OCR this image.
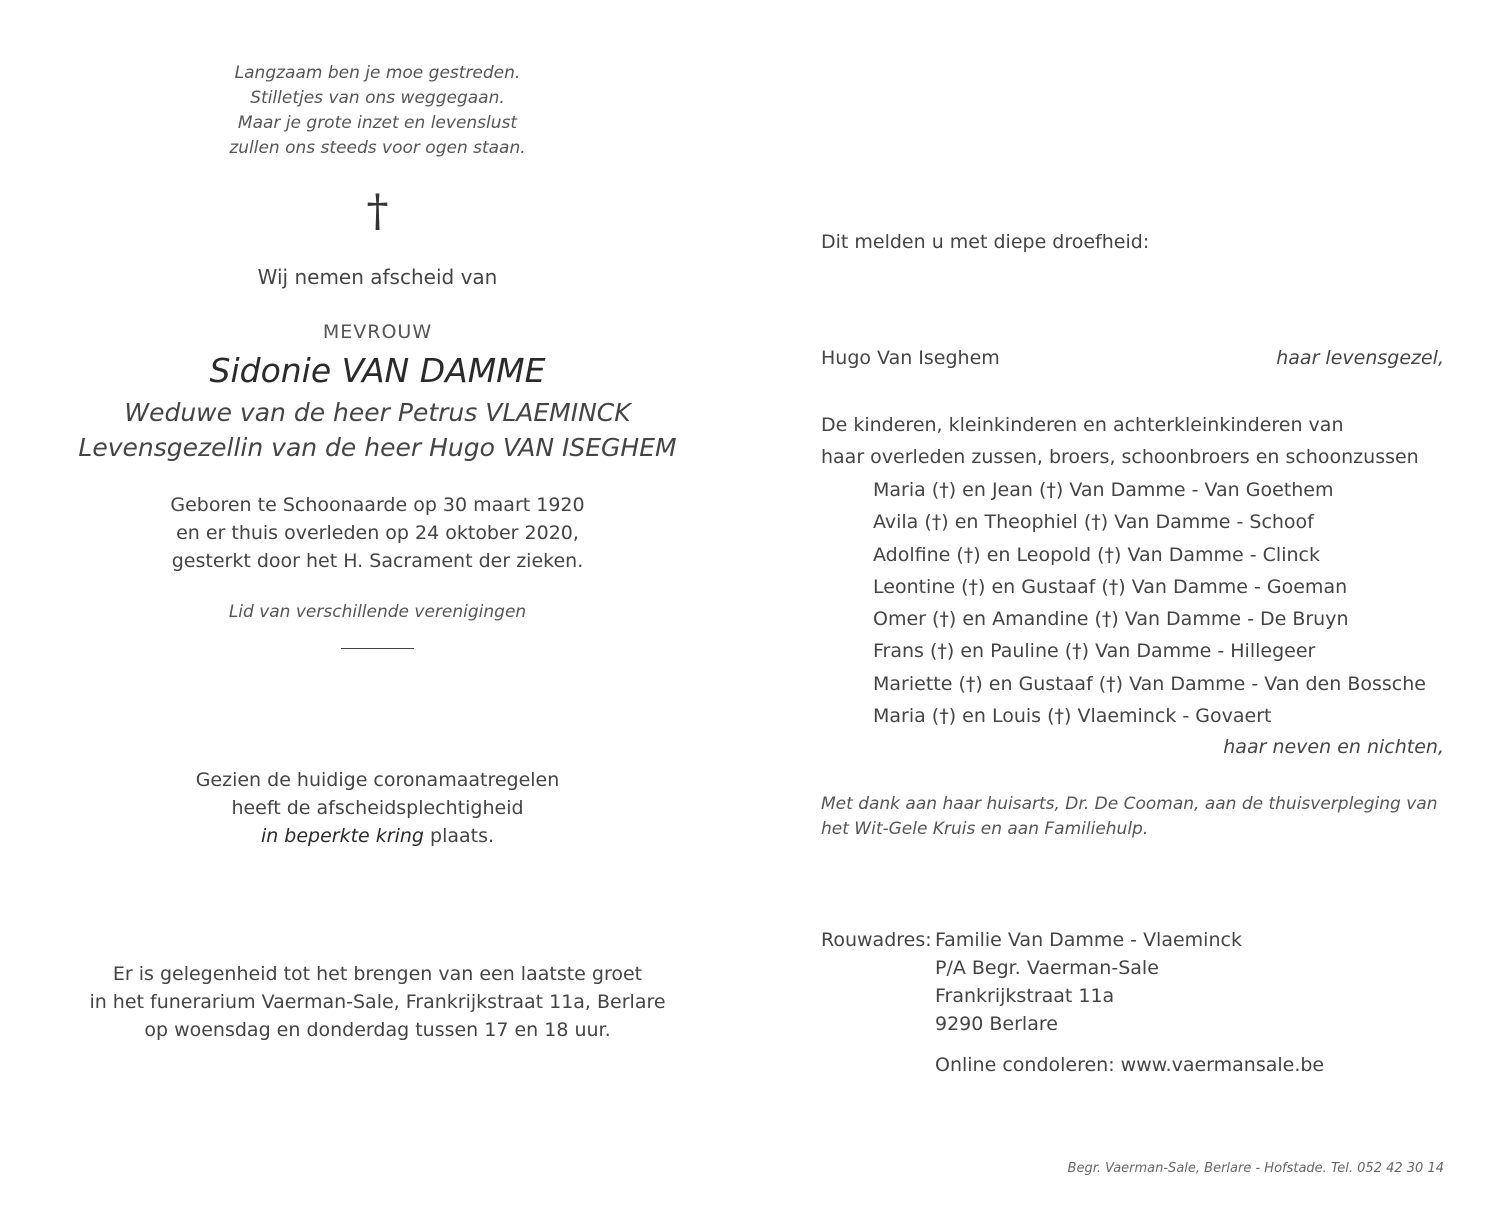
Langzaam ben je moe gestreden.
Stilletjes van ons weggegaan.
Maar je grote inzet en levenslust
zullen ons steeds voor ogen staan.
†
Wij nemen afscheid van
MEVROUW
Sidonie VAN DAMME
Weduwe van de heer Petrus VLAEMINCK
Levensgezellin van de heer Hugo VAN ISEGHEM
Geboren te Schoonaarde op 30 maart 1920
en er thuis overleden op 24 oktober 2020,
gesterkt door het H. Sacrament der zieken.
Lid van verschillende verenigingen
Gezien de huidige coronamaatregelen
heeft de afscheidsplechtigheid
in beperkte kring plaats.
Er is gelegenheid tot het brengen van een laatste groet
in het funerarium Vaerman-Sale, Frankrijkstraat 11a, Berlare
op woensdag en donderdag tussen 17 en 18 uur.
Dit melden u met diepe droefheid:
Hugo Van Iseghem	haar levensgezel,
De kinderen, kleinkinderen en achterkleinkinderen van
haar overleden zussen, broers, schoonbroers en schoonzussen
Maria (†) en Jean (†) Van Damme - Van Goethem
Avila (†) en Theophiel (†) Van Damme - Schoof
Adolfine (†) en Leopold (†) Van Damme - Clinck
Leontine (†) en Gustaaf (†) Van Damme - Goeman
Omer (†) en Amandine (†) Van Damme - De Bruyn
Frans (†) en Pauline (†) Van Damme - Hillegeer
Mariette (†) en Gustaaf (†) Van Damme - Van den Bossche
Maria (†) en Louis (†) Vlaeminck - Govaert
haar neven en nichten,
Met dank aan haar huisarts, Dr. De Cooman, aan de thuisverpleging van
het Wit-Gele Kruis en aan Familiehulp.
Rouwadres: Familie Van Damme - Vlaeminck
P/A Begr. Vaerman-Sale
Frankrijkstraat 11a
9290 Berlare
Online condoleren: www.vaermansale.be
Begr. Vaerman-Sale, Berlare - Hofstade. Tel. 052 42 30 14
